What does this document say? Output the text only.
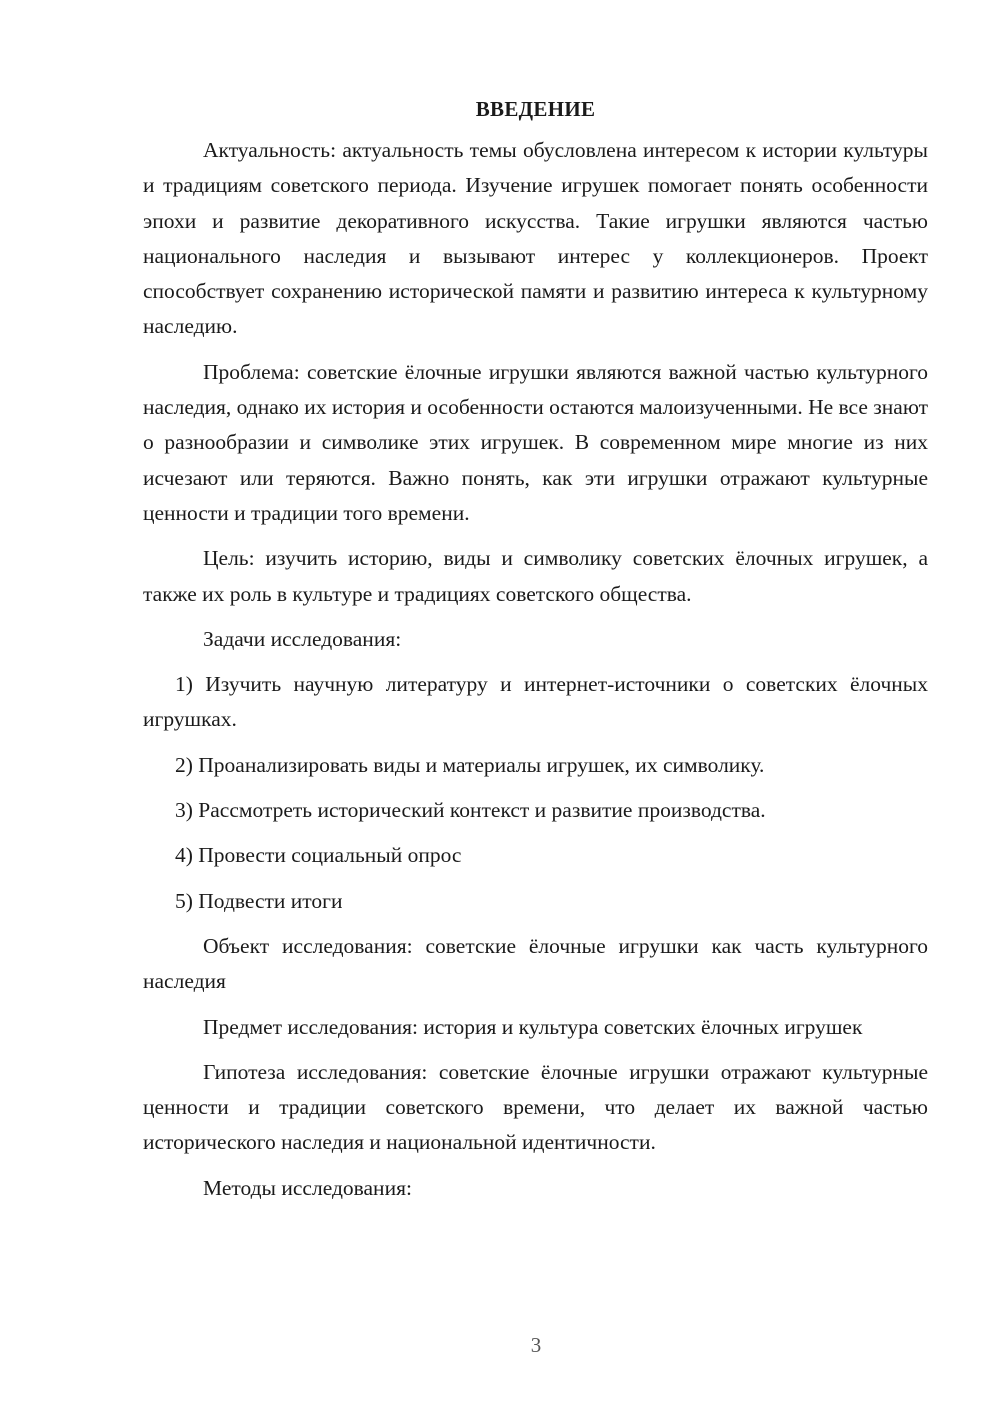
ВВЕДЕНИЕ

Актуальность: актуальность темы обусловлена интересом к истории культуры и традициям советского периода. Изучение игрушек помогает понять особенности эпохи и развитие декоративного искусства. Такие игрушки являются частью национального наследия и вызывают интерес у коллекционеров. Проект способствует сохранению исторической памяти и развитию интереса к культурному наследию.

Проблема: советские ёлочные игрушки являются важной частью культурного наследия, однако их история и особенности остаются малоизученными. Не все знают о разнообразии и символике этих игрушек. В современном мире многие из них исчезают или теряются. Важно понять, как эти игрушки отражают культурные ценности и традиции того времени.

Цель: изучить историю, виды и символику советских ёлочных игрушек, а также их роль в культуре и традициях советского общества.

Задачи исследования:

1) Изучить научную литературу и интернет-источники о советских ёлочных игрушках.

2) Проанализировать виды и материалы игрушек, их символику.

3) Рассмотреть исторический контекст и развитие производства.

4) Провести социальный опрос

5) Подвести итоги

Объект исследования: советские ёлочные игрушки как часть культурного наследия

Предмет исследования: история и культура советских ёлочных игрушек

Гипотеза исследования: советские ёлочные игрушки отражают культурные ценности и традиции советского времени, что делает их важной частью исторического наследия и национальной идентичности.

Методы исследования:

3
